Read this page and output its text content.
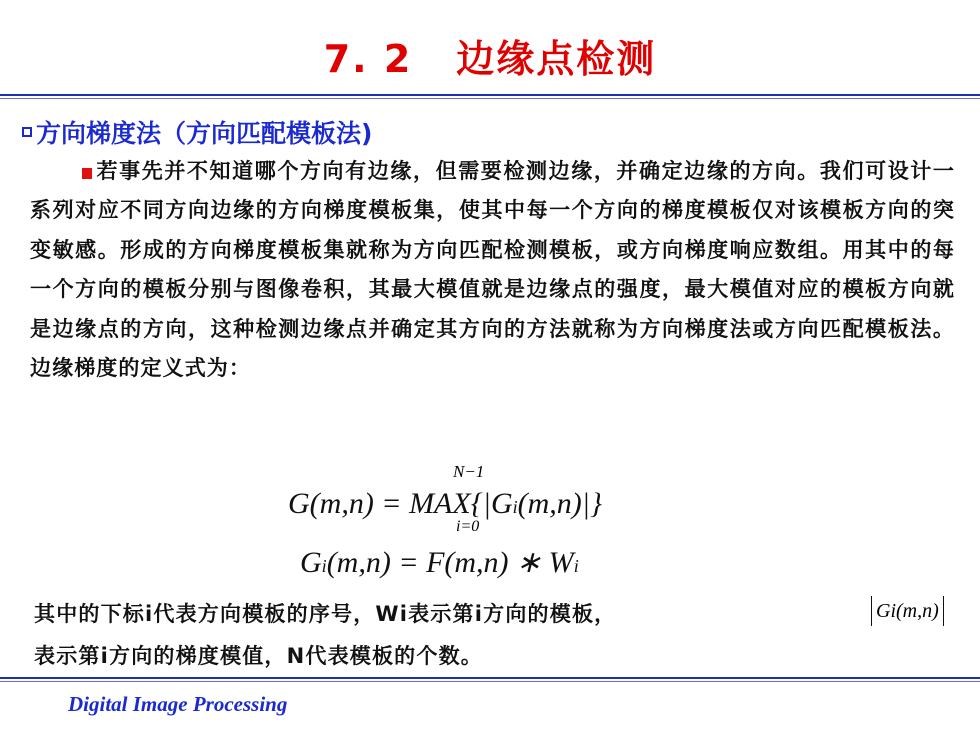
7. 2 边缘点检测
方向梯度法（方向匹配模板法)
若事先并不知道哪个方向有边缘，但需要检测边缘，并确定边缘的方向。我们可设计一系列对应不同方向边缘的方向梯度模板集，使其中每一个方向的梯度模板仅对该模板方向的突变敏感。形成的方向梯度模板集就称为方向匹配检测模板，或方向梯度响应数组。用其中的每一个方向的模板分别与图像卷积，其最大模值就是边缘点的强度，最大模值对应的模板方向就是边缘点的方向，这种检测边缘点并确定其方向的方法就称为方向梯度法或方向匹配模板法。边缘梯度的定义式为：
N−1
G(m,n) = MAX{|Gi(m,n)|}
i=0
Gi(m,n) = F(m,n) ∗ Wi
其中的下标i代表方向模板的序号，Wi表示第i方向的模板，	Gi(m,n)
表示第i方向的梯度模值，N代表模板的个数。
Digital Image Processing
